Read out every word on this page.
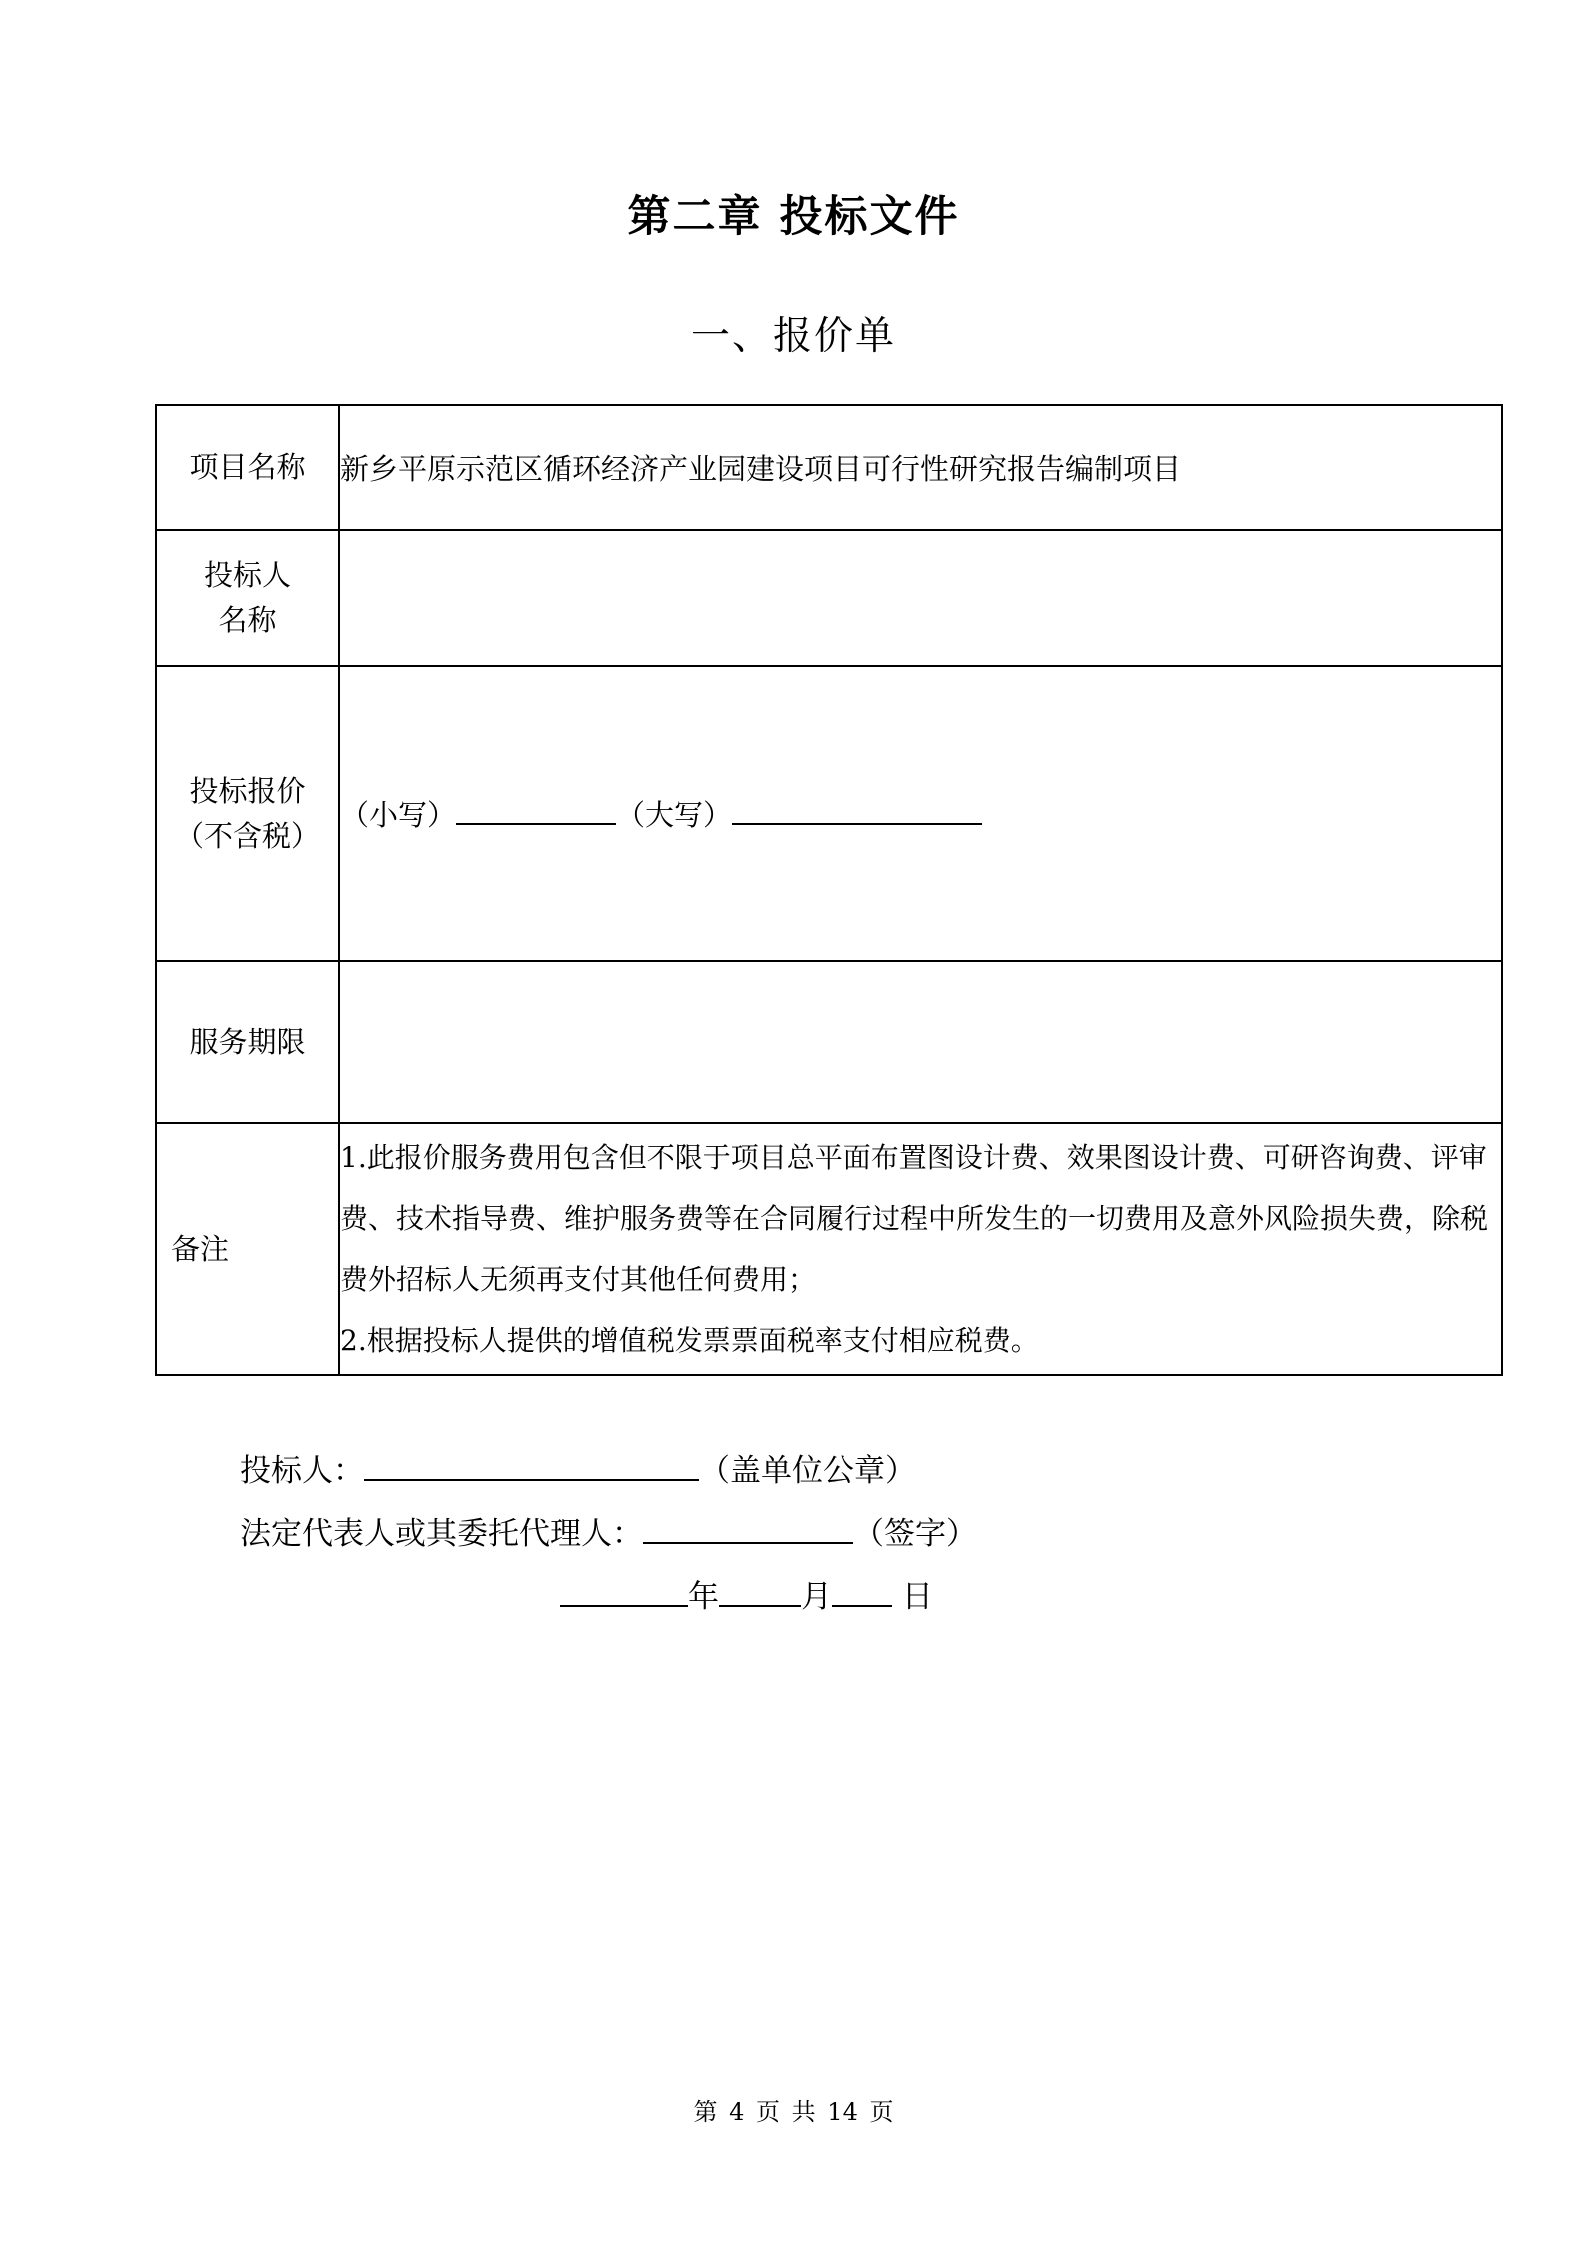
第二章 投标文件
一、报价单
项目名称	新乡平原示范区循环经济产业园建设项目可行性研究报告编制项目

投标人
名称	

投标报价
（不含税）	（小写） （大写）
服务期限	
备注	1.此报价服务费用包含但不限于项目总平面布置图设计费、效果图设计费、可研咨询费、评审费、技术指导费、维护服务费等在合同履行过程中所发生的一切费用及意外风险损失费，除税费外招标人无须再支付其他任何费用；
2.根据投标人提供的增值税发票票面税率支付相应税费。
投标人：	（盖单位公章）
法定代表人或其委托代理人：	（签字）
年	月 日
第 4 页 共 14 页
